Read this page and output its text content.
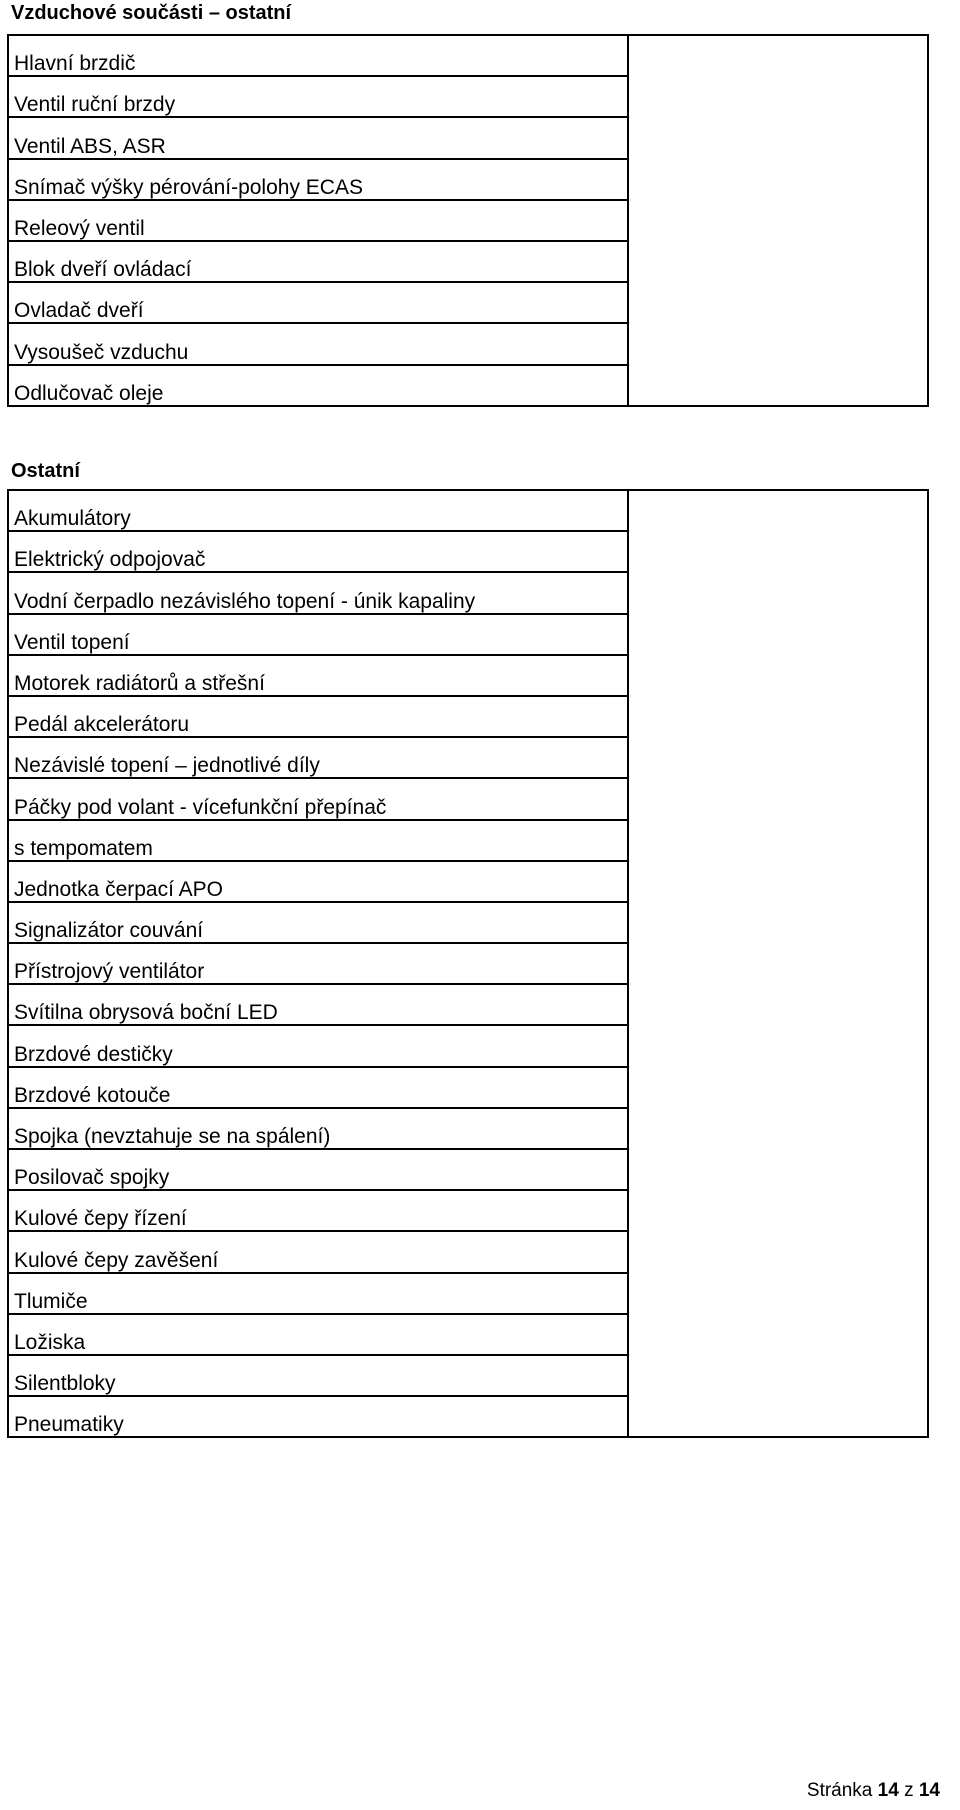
Vzduchové součásti – ostatní
Hlavní brzdič	
Ventil ruční brzdy
Ventil ABS, ASR
Snímač výšky pérování-polohy ECAS
Releový ventil
Blok dveří ovládací
Ovladač dveří
Vysoušeč vzduchu
Odlučovač oleje
Ostatní
Akumulátory	
Elektrický odpojovač
Vodní čerpadlo nezávislého topení - únik kapaliny
Ventil topení
Motorek radiátorů a střešní
Pedál akcelerátoru
Nezávislé topení – jednotlivé díly
Páčky pod volant - vícefunkční přepínač
s tempomatem
Jednotka čerpací APO
Signalizátor couvání
Přístrojový ventilátor
Svítilna obrysová boční LED
Brzdové destičky
Brzdové kotouče
Spojka (nevztahuje se na spálení)
Posilovač spojky
Kulové čepy řízení
Kulové čepy zavěšení
Tlumiče
Ložiska
Silentbloky
Pneumatiky
Stránka 14 z 14
